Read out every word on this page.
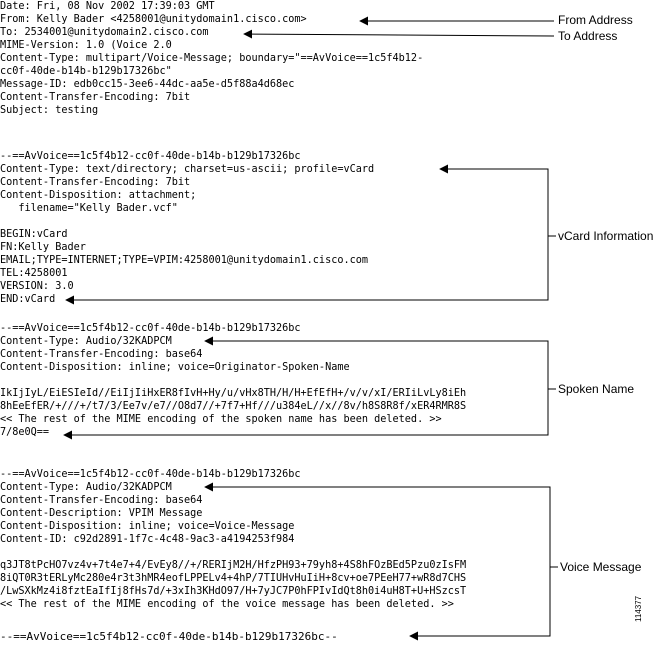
Date: Fri, 08 Nov 2002 17:39:03 GMT
From: Kelly Bader <4258001@unitydomain1.cisco.com>
To: 2534001@unitydomain2.cisco.com
MIME-Version: 1.0 (Voice 2.0
Content-Type: multipart/Voice-Message; boundary="==AvVoice==1c5f4b12-
cc0f-40de-b14b-b129b17326bc"
Message-ID: edb0cc15-3ee6-44dc-aa5e-d5f88a4d68ec
Content-Transfer-Encoding: 7bit
Subject: testing
--==AvVoice==1c5f4b12-cc0f-40de-b14b-b129b17326bc
Content-Type: text/directory; charset=us-ascii; profile=vCard
Content-Transfer-Encoding: 7bit
Content-Disposition: attachment;
filename="Kelly Bader.vcf"
BEGIN:vCard
FN:Kelly Bader
EMAIL;TYPE=INTERNET;TYPE=VPIM:4258001@unitydomain1.cisco.com
TEL:4258001
VERSION: 3.0
END:vCard
--==AvVoice==1c5f4b12-cc0f-40de-b14b-b129b17326bc
Content-Type: Audio/32KADPCM
Content-Transfer-Encoding: base64
Content-Disposition: inline; voice=Originator-Spoken-Name
IkIjIyL/EiESIeId//EiIjIiHxER8fIvH+Hy/u/vHx8TH/H/H+EfEfH+/v/v/xI/ERIiLvLy8iEh
8hEeEfER/+///+/t7/3/Ee7v/e7//O8d7//+7f7+Hf///u384eL//x//8v/h8S8R8f/xER4RMR8S
<< The rest of the MIME encoding of the spoken name has been deleted. >>
7/8e0Q==
--==AvVoice==1c5f4b12-cc0f-40de-b14b-b129b17326bc
Content-Type: Audio/32KADPCM
Content-Transfer-Encoding: base64
Content-Description: VPIM Message
Content-Disposition: inline; voice=Voice-Message
Content-ID: c92d2891-1f7c-4c48-9ac3-a4194253f984
q3JT8tPcHO7vz4v+7t4e7+4/EvEy8//+/RERIjM2H/HfzPH93+79yh8+4S8hFOzBEd5Pzu0zIsFM
8iQT0R3tERLyMc280e4r3t3hMR4eofLPPELv4+4hP/7TIUHvHuIiH+8cv+oe7PEeH77+wR8d7CHS
/LwSXkMz4i8fztEaIfIj8fHs7d/+3xIh3KHdO97/H+7yJC7P0hFPIvIdQt8h0i4uH8T+U+HSzcsT
<< The rest of the MIME encoding of the voice message has been deleted. >>
--==AvVoice==1c5f4b12-cc0f-40de-b14b-b129b17326bc--
From Address
To Address
vCard Information
Spoken Name
Voice Message
114377
